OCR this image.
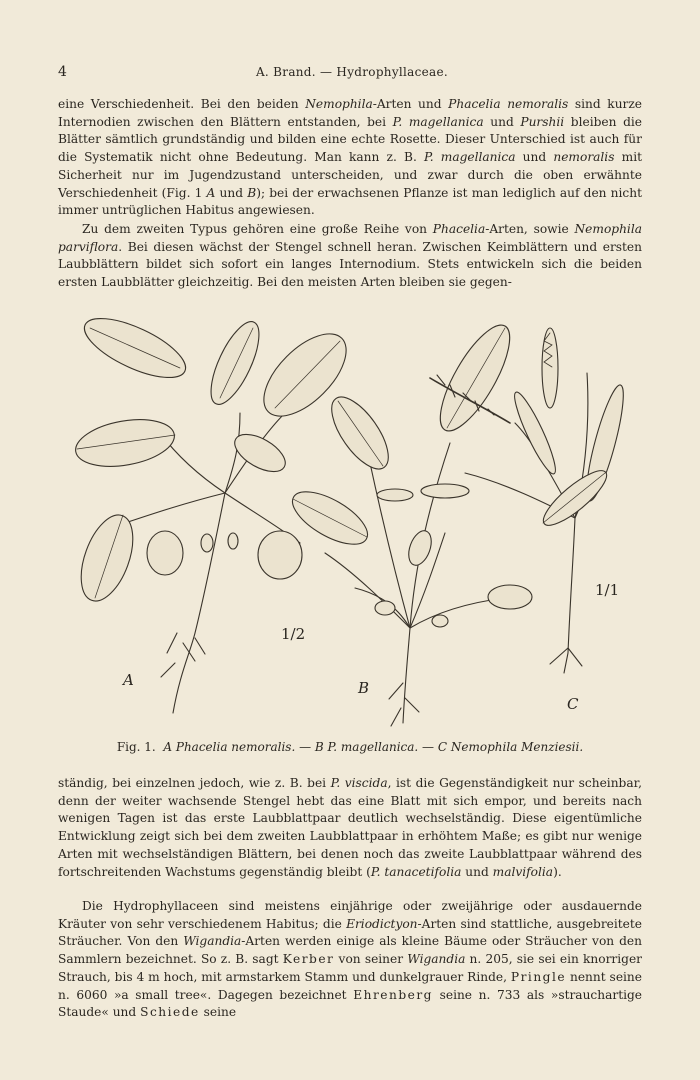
4	A. Brand. — Hydrophyllaceae.

eine Verschiedenheit. Bei den beiden Nemophila-Arten und Phacelia nemoralis sind kurze Internodien zwischen den Blättern entstanden, bei P. magellanica und Purshii bleiben die Blätter sämtlich grundständig und bilden eine echte Rosette. Dieser Unterschied ist auch für die Systematik nicht ohne Bedeutung. Man kann z. B. P. magellanica und nemoralis mit Sicherheit nur im Jugendzustand unterscheiden, und zwar durch die oben erwähnte Verschiedenheit (Fig. 1 A und B); bei der erwachsenen Pflanze ist man lediglich auf den nicht immer untrüglichen Habitus angewiesen.

Zu dem zweiten Typus gehören eine große Reihe von Phacelia-Arten, sowie Nemophila parviflora. Bei diesen wächst der Stengel schnell heran. Zwischen Keimblättern und ersten Laubblättern bildet sich sofort ein langes Internodium. Stets entwickeln sich die beiden ersten Laubblätter gleichzeitig. Bei den meisten Arten bleiben sie gegen-

A	B
C
1/2
1/1
Fig. 1. A Phacelia nemoralis. — B P. magellanica. — C Nemophila Menziesii.

ständig, bei einzelnen jedoch, wie z. B. bei P. viscida, ist die Gegenständigkeit nur scheinbar, denn der weiter wachsende Stengel hebt das eine Blatt mit sich empor, und bereits nach wenigen Tagen ist das erste Laubblattpaar deutlich wechselständig. Diese eigentümliche Entwicklung zeigt sich bei dem zweiten Laubblattpaar in erhöhtem Maße; es gibt nur wenige Arten mit wechselständigen Blättern, bei denen noch das zweite Laubblattpaar während des fortschreitenden Wachstums gegenständig bleibt (P. tanacetifolia und malvifolia).

Die Hydrophyllaceen sind meistens einjährige oder zweijährige oder ausdauernde Kräuter von sehr verschiedenem Habitus; die Eriodictyon-Arten sind stattliche, ausgebreitete Sträucher. Von den Wigandia-Arten werden einige als kleine Bäume oder Sträucher von den Sammlern bezeichnet. So z. B. sagt Kerber von seiner Wigandia n. 205, sie sei ein knorriger Strauch, bis 4 m hoch, mit armstarkem Stamm und dunkelgrauer Rinde, Pringle nennt seine n. 6060 »a small tree«. Dagegen bezeichnet Ehrenberg seine n. 733 als »strauchartige Staude« und Schiede seine
